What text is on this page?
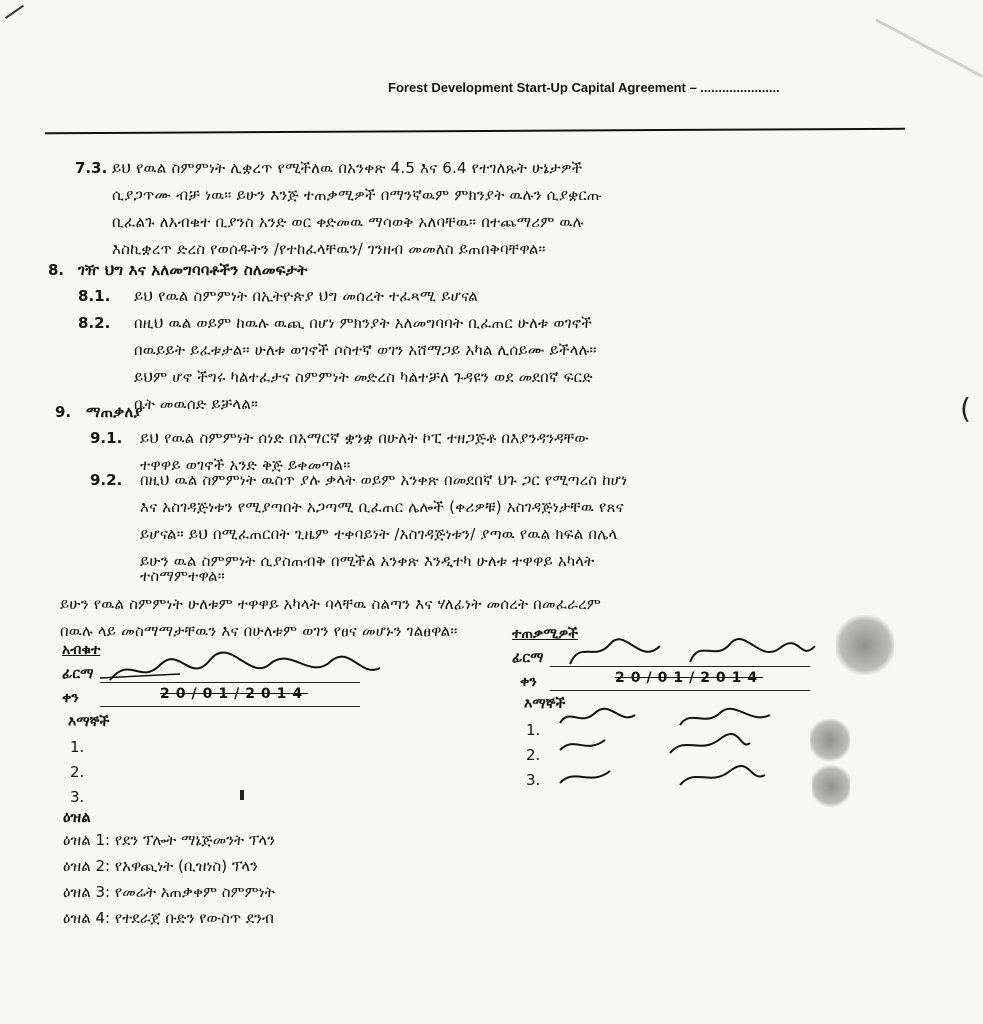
Forest Development Start-Up Capital Agreement – ......................
7.3. ይህ የዉል ስምምነት ሊቋረጥ የሚችለዉ በአንቀጽ 4.5 እና 6.4 የተገለጹት ሁኔታዎች
ሲያጋጥሙ ብቻ ነዉ። ይሁን እንጅ ተጠቃሚዎች በማንኛዉም ምክንያት ዉሉን ሲያቋርጡ
ቢፈልጉ ለአብቁተ ቢያንስ አንድ ወር ቀድመዉ ማሳወቅ አለባቸዉ። በተጨማሪም ዉሉ
እስኪቋረጥ ድረስ የወሰዱትን /የተከፈላቸዉን/ ገንዘብ መመለስ ይጠበቅባቸዋል።
8. ገዥ ህግ እና አለመግባባቶችን ስለመፍታት
8.1. ይህ የዉል ስምምነት በኢትዮጵያ ህግ መሰረት ተፈጻሚ ይሆናል
8.2. በዚህ ዉል ወይም ከዉሉ ዉጪ በሆነ ምክንያት አለመግባባት ቢፈጠር ሁለቱ ወገኖች
በዉይይት ይፈቱታል። ሁለቱ ወገኖች ሶስተኛ ወገን አሸማጋይ አካል ሊሰይሙ ይችላሉ።
ይህም ሆኖ ችግሩ ካልተፈታና ስምምነት መድረስ ካልተቻለ ጉዳዩን ወደ መደበኛ ፍርድ
ቤት መዉሰድ ይቻላል።
9. ማጠቃለያ
9.1. ይህ የዉል ስምምነት ሰነድ በአማርኛ ቋንቋ በሁለት ኮፒ ተዘጋጅቶ በእያንዳንዳቸው
ተዋዋይ ወገኖች አንድ ቅጅ ይቀመጣል።
9.2. በዚህ ዉል ስምምነት ዉስጥ ያሉ ቃላት ወይም አንቀጽ በመደበኛ ህጉ ጋር የሚጣረስ ከሆነ
እና አስገዳጅነቱን የሚያጣበት አጋጣሚ ቢፈጠር ሌሎች (ቀሪዎቹ) አስገዳጅነታቸዉ የጸና
ይሆናል። ይህ በሚፈጠርበት ጊዜም ተቀባይነት /አስገዳጅነቱን/ ያጣዉ የዉል ክፍል በሌላ
ይሁን ዉል ስምምነት ሲያስጠብቅ በሚችል አንቀጽ እንዲተካ ሁለቱ ተዋዋይ አካላት
ተስማምተዋል።
ይሁን የዉል ስምምነት ሁለቱም ተዋዋይ አካላት ባላቸዉ ስልጣን እና ሃለፊነት መሰረት በመፈራረም
በዉሉ ላይ መስማማታቸዉን እና በሁለቱም ወገን የፀና መሆኑን ገልፀዋል።
(
አብቁተ
ፊርማ
ቀን	20/01/2014
እማኞች
1.
2.
3.
ተጠቃሚዎች
ፊርማ
ቀን	20/01/2014
እማኞች
1.
2.
3.
ዕዝል
ዕዝል 1: የደን ፕሎት ማኔጅመንት ፕላን
ዕዝል 2: የአዋጪነት (ቢዝነስ) ፕላን
ዕዝል 3: የመሬት አጠቃቀም ስምምነት
ዕዝል 4: የተደራጀ ቡድን የውስጥ ደንብ
